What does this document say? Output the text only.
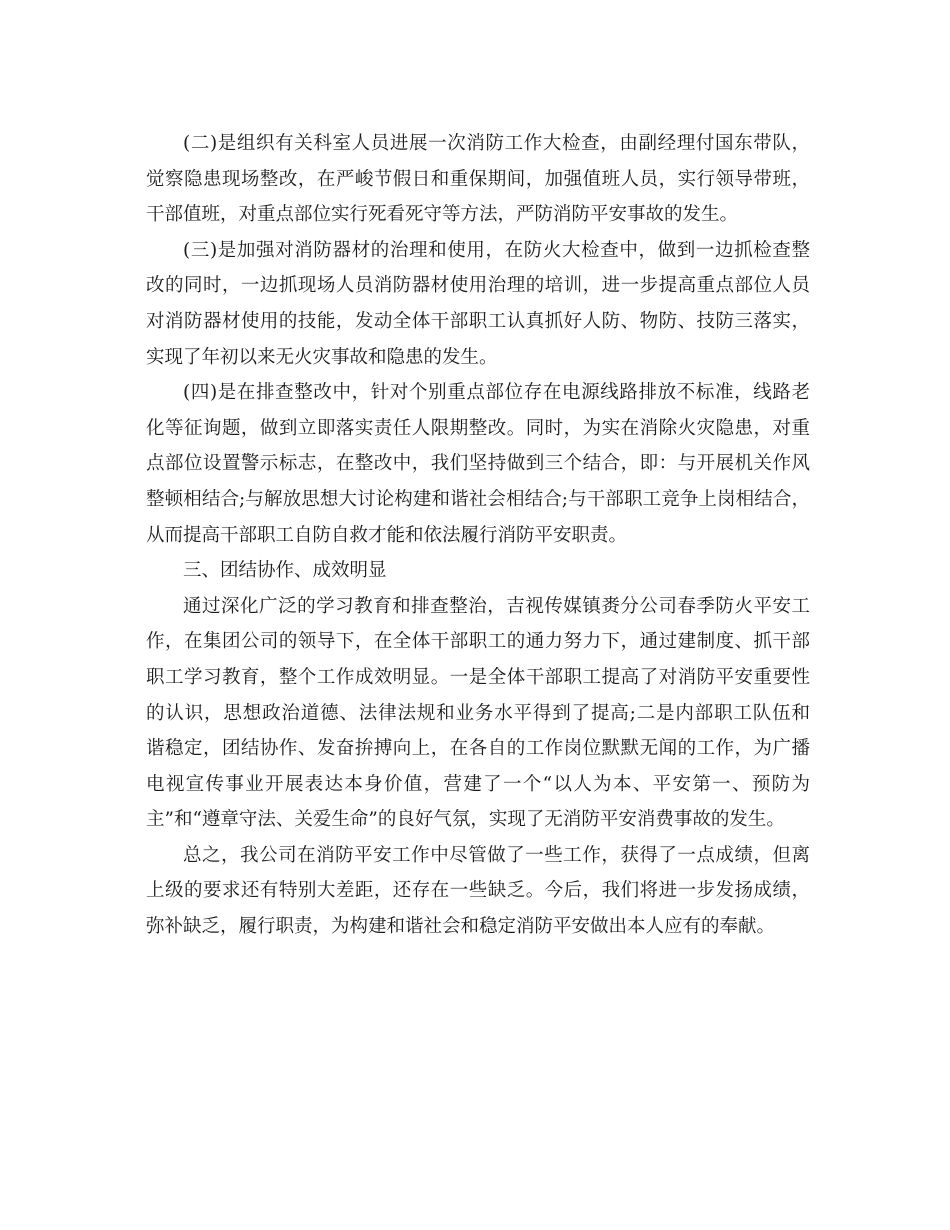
(二)是组织有关科室人员进展一次消防工作大检查，由副经理付国东带队，
觉察隐患现场整改，在严峻节假日和重保期间，加强值班人员，实行领导带班，
干部值班，对重点部位实行死看死守等方法，严防消防平安事故的发生。
(三)是加强对消防器材的治理和使用，在防火大检查中，做到一边抓检查整
改的同时，一边抓现场人员消防器材使用治理的培训，进一步提高重点部位人员
对消防器材使用的技能，发动全体干部职工认真抓好人防、物防、技防三落实，
实现了年初以来无火灾事故和隐患的发生。
(四)是在排查整改中，针对个别重点部位存在电源线路排放不标准，线路老
化等征询题，做到立即落实责任人限期整改。同时，为实在消除火灾隐患，对重
点部位设置警示标志，在整改中，我们坚持做到三个结合，即：与开展机关作风
整顿相结合;与解放思想大讨论构建和谐社会相结合;与干部职工竞争上岗相结合，
从而提高干部职工自防自救才能和依法履行消防平安职责。
三、团结协作、成效明显
通过深化广泛的学习教育和排查整治，吉视传媒镇赉分公司春季防火平安工
作，在集团公司的领导下，在全体干部职工的通力努力下，通过建制度、抓干部
职工学习教育，整个工作成效明显。一是全体干部职工提高了对消防平安重要性
的认识，思想政治道德、法律法规和业务水平得到了提高;二是内部职工队伍和
谐稳定，团结协作、发奋拚搏向上，在各自的工作岗位默默无闻的工作，为广播
电视宣传事业开展表达本身价值，营建了一个“以人为本、平安第一、预防为
主”和“遵章守法、关爱生命”的良好气氛，实现了无消防平安消费事故的发生。
总之，我公司在消防平安工作中尽管做了一些工作，获得了一点成绩，但离
上级的要求还有特别大差距，还存在一些缺乏。今后，我们将进一步发扬成绩，
弥补缺乏，履行职责，为构建和谐社会和稳定消防平安做出本人应有的奉献。
